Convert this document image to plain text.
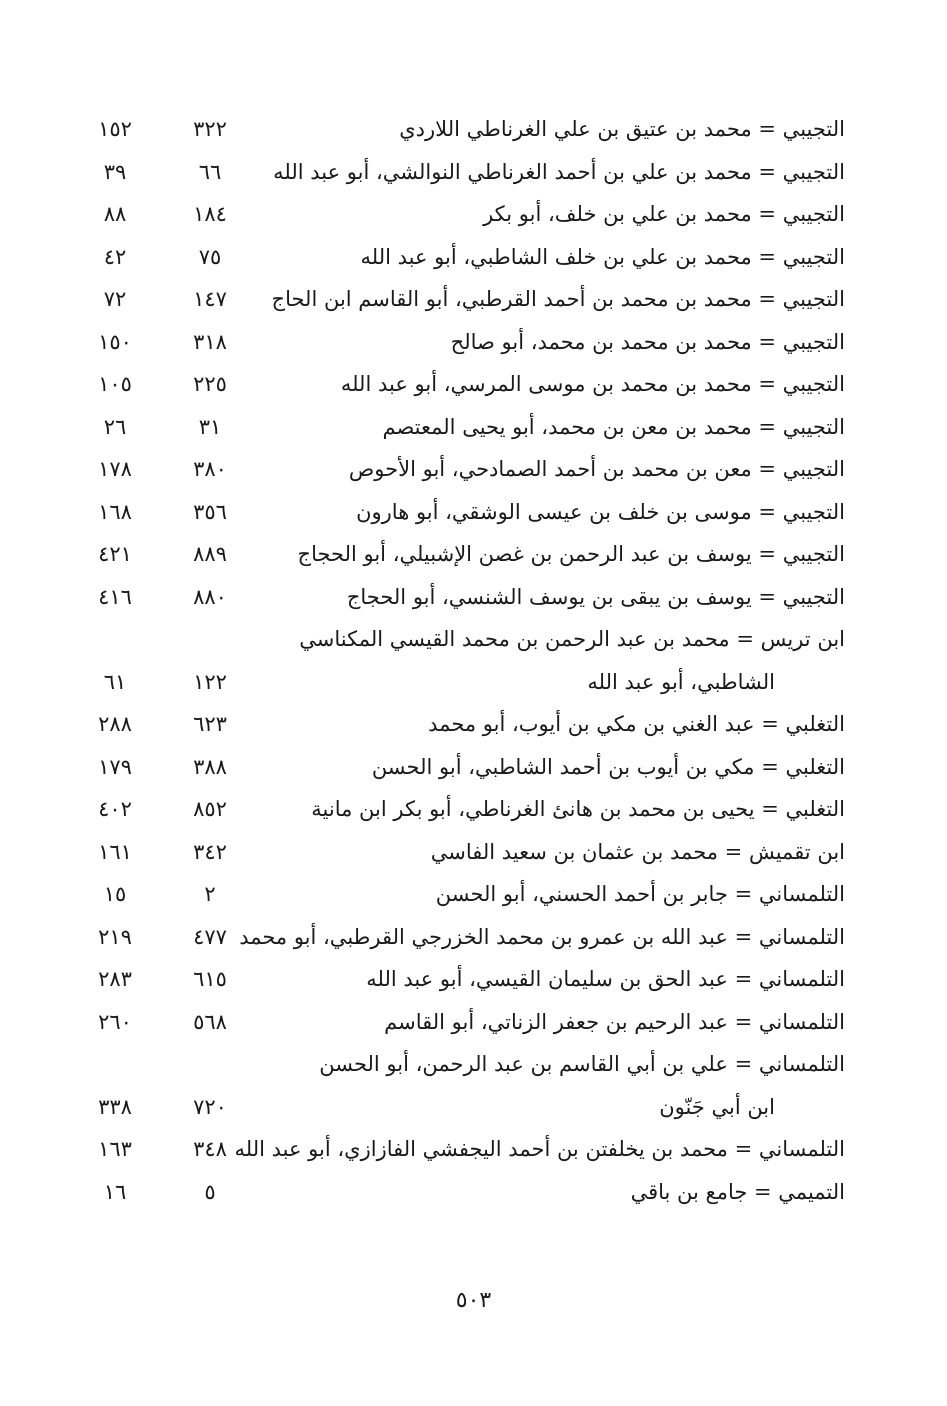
التجيبي = محمد بن عتيق بن علي الغرناطي اللاردي
٣٢٢
١٥٢
التجيبي = محمد بن علي بن أحمد الغرناطي النوالشي، أبو عبد الله
٦٦
٣٩
التجيبي = محمد بن علي بن خلف، أبو بكر
١٨٤
٨٨
التجيبي = محمد بن علي بن خلف الشاطبي، أبو عبد الله
٧٥
٤٢
التجيبي = محمد بن محمد بن أحمد القرطبي، أبو القاسم ابن الحاج
١٤٧
٧٢
التجيبي = محمد بن محمد بن محمد، أبو صالح
٣١٨
١٥٠
التجيبي = محمد بن محمد بن موسى المرسي، أبو عبد الله
٢٢٥
١٠٥
التجيبي = محمد بن معن بن محمد، أبو يحيى المعتصم
٣١
٢٦
التجيبي = معن بن محمد بن أحمد الصمادحي، أبو الأحوص
٣٨٠
١٧٨
التجيبي = موسى بن خلف بن عيسى الوشقي، أبو هارون
٣٥٦
١٦٨
التجيبي = يوسف بن عبد الرحمن بن غصن الإشبيلي، أبو الحجاج
٨٨٩
٤٢١
التجيبي = يوسف بن يبقى بن يوسف الشنسي، أبو الحجاج
٨٨٠
٤١٦
ابن تريس = محمد بن عبد الرحمن بن محمد القيسي المكناسي
الشاطبي، أبو عبد الله
١٢٢
٦١
التغلبي = عبد الغني بن مكي بن أيوب، أبو محمد
٦٢٣
٢٨٨
التغلبي = مكي بن أيوب بن أحمد الشاطبي، أبو الحسن
٣٨٨
١٧٩
التغلبي = يحيى بن محمد بن هانئ الغرناطي، أبو بكر ابن مانية
٨٥٢
٤٠٢
ابن تقميش = محمد بن عثمان بن سعيد الفاسي
٣٤٢
١٦١
التلمساني = جابر بن أحمد الحسني، أبو الحسن
٢
١٥
التلمساني = عبد الله بن عمرو بن محمد الخزرجي القرطبي، أبو محمد
٤٧٧
٢١٩
التلمساني = عبد الحق بن سليمان القيسي، أبو عبد الله
٦١٥
٢٨٣
التلمساني = عبد الرحيم بن جعفر الزناتي، أبو القاسم
٥٦٨
٢٦٠
التلمساني = علي بن أبي القاسم بن عبد الرحمن، أبو الحسن
ابن أبي جَنّون
٧٢٠
٣٣٨
التلمساني = محمد بن يخلفتن بن أحمد اليجفشي الفازازي، أبو عبد الله
٣٤٨
١٦٣
التميمي = جامع بن باقي
٥
١٦
٥٠٣
